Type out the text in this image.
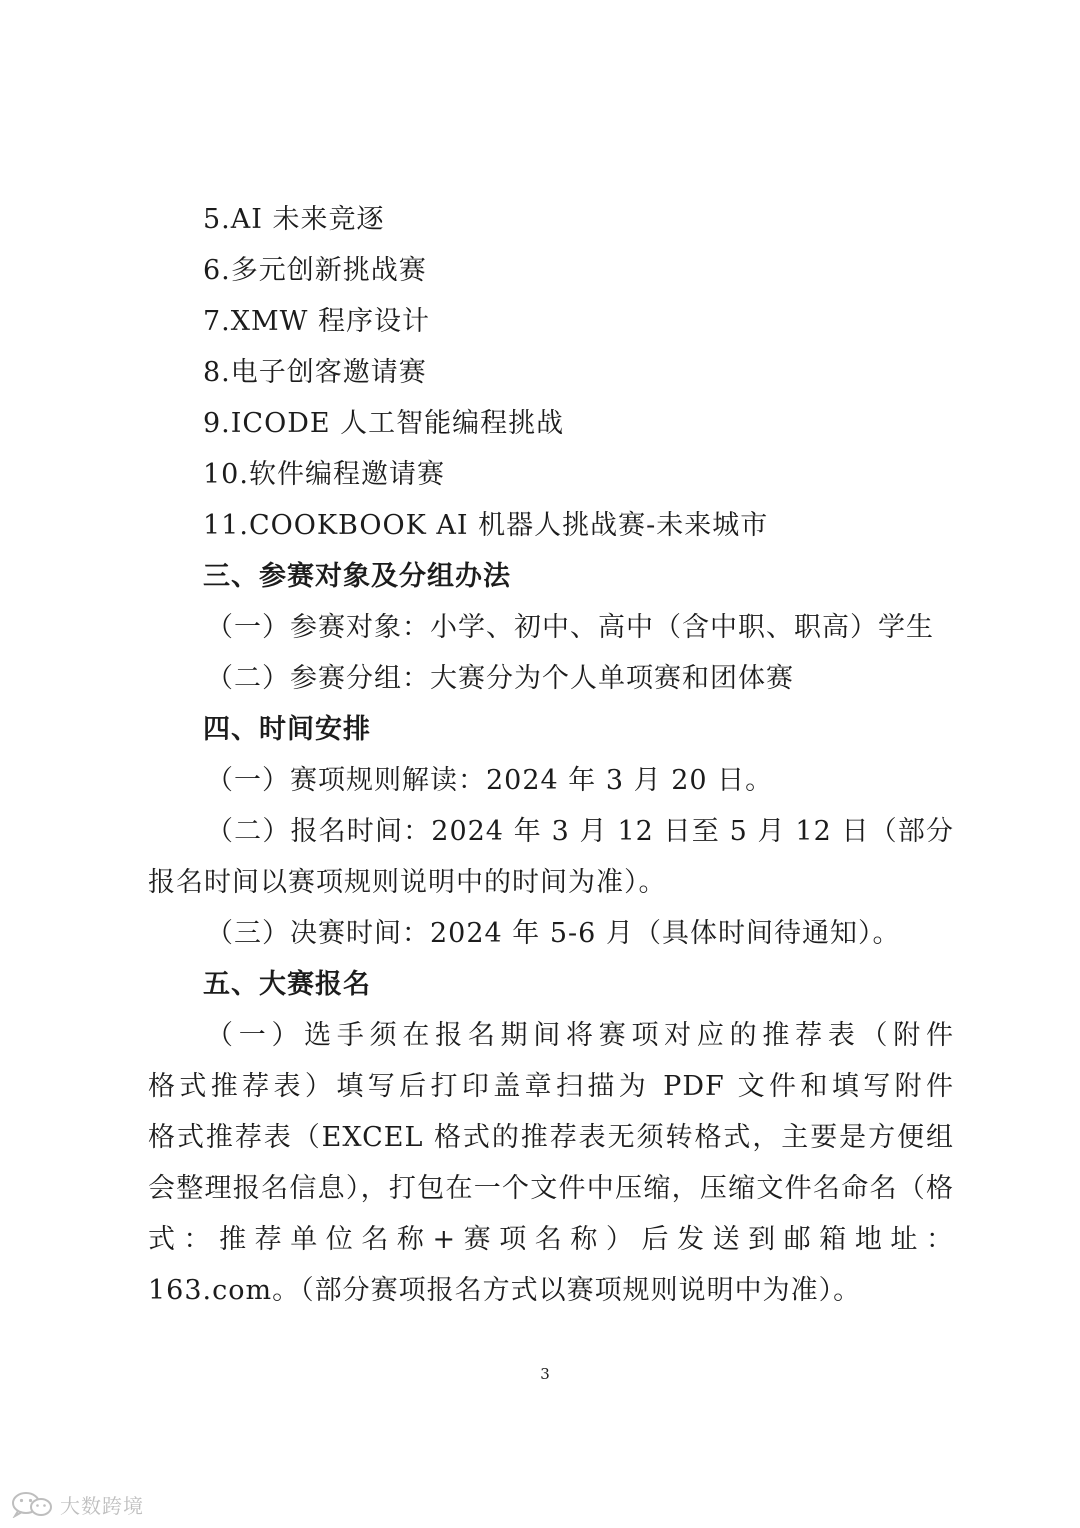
5.AI 未来竞逐
6.多元创新挑战赛
7.XMW 程序设计
8.电子创客邀请赛
9.ICODE 人工智能编程挑战
10.软件编程邀请赛
11.COOKBOOK AI 机器人挑战赛-未来城市
三、参赛对象及分组办法
（一）参赛对象：小学、初中、高中（含中职、职高）学生
（二）参赛分组：大赛分为个人单项赛和团体赛
四、时间安排
（一）赛项规则解读：2024 年 3 月 20 日。
（二）报名时间：2024 年 3 月 12 日至 5 月 12 日（部分
报名时间以赛项规则说明中的时间为准）。
（三）决赛时间：2024 年 5-6 月（具体时间待通知）。
五、大赛报名
（一）选手须在报名期间将赛项对应的推荐表（附件
格式推荐表）填写后打印盖章扫描为 PDF 文件和填写附件
格式推荐表（EXCEL 格式的推荐表无须转格式，主要是方便组
会整理报名信息），打包在一个文件中压缩，压缩文件名命名（格
式：推荐单位名称+赛项名称）后发送到邮箱地址：
163.com。（部分赛项报名方式以赛项规则说明中为准）。
3
大数跨境
